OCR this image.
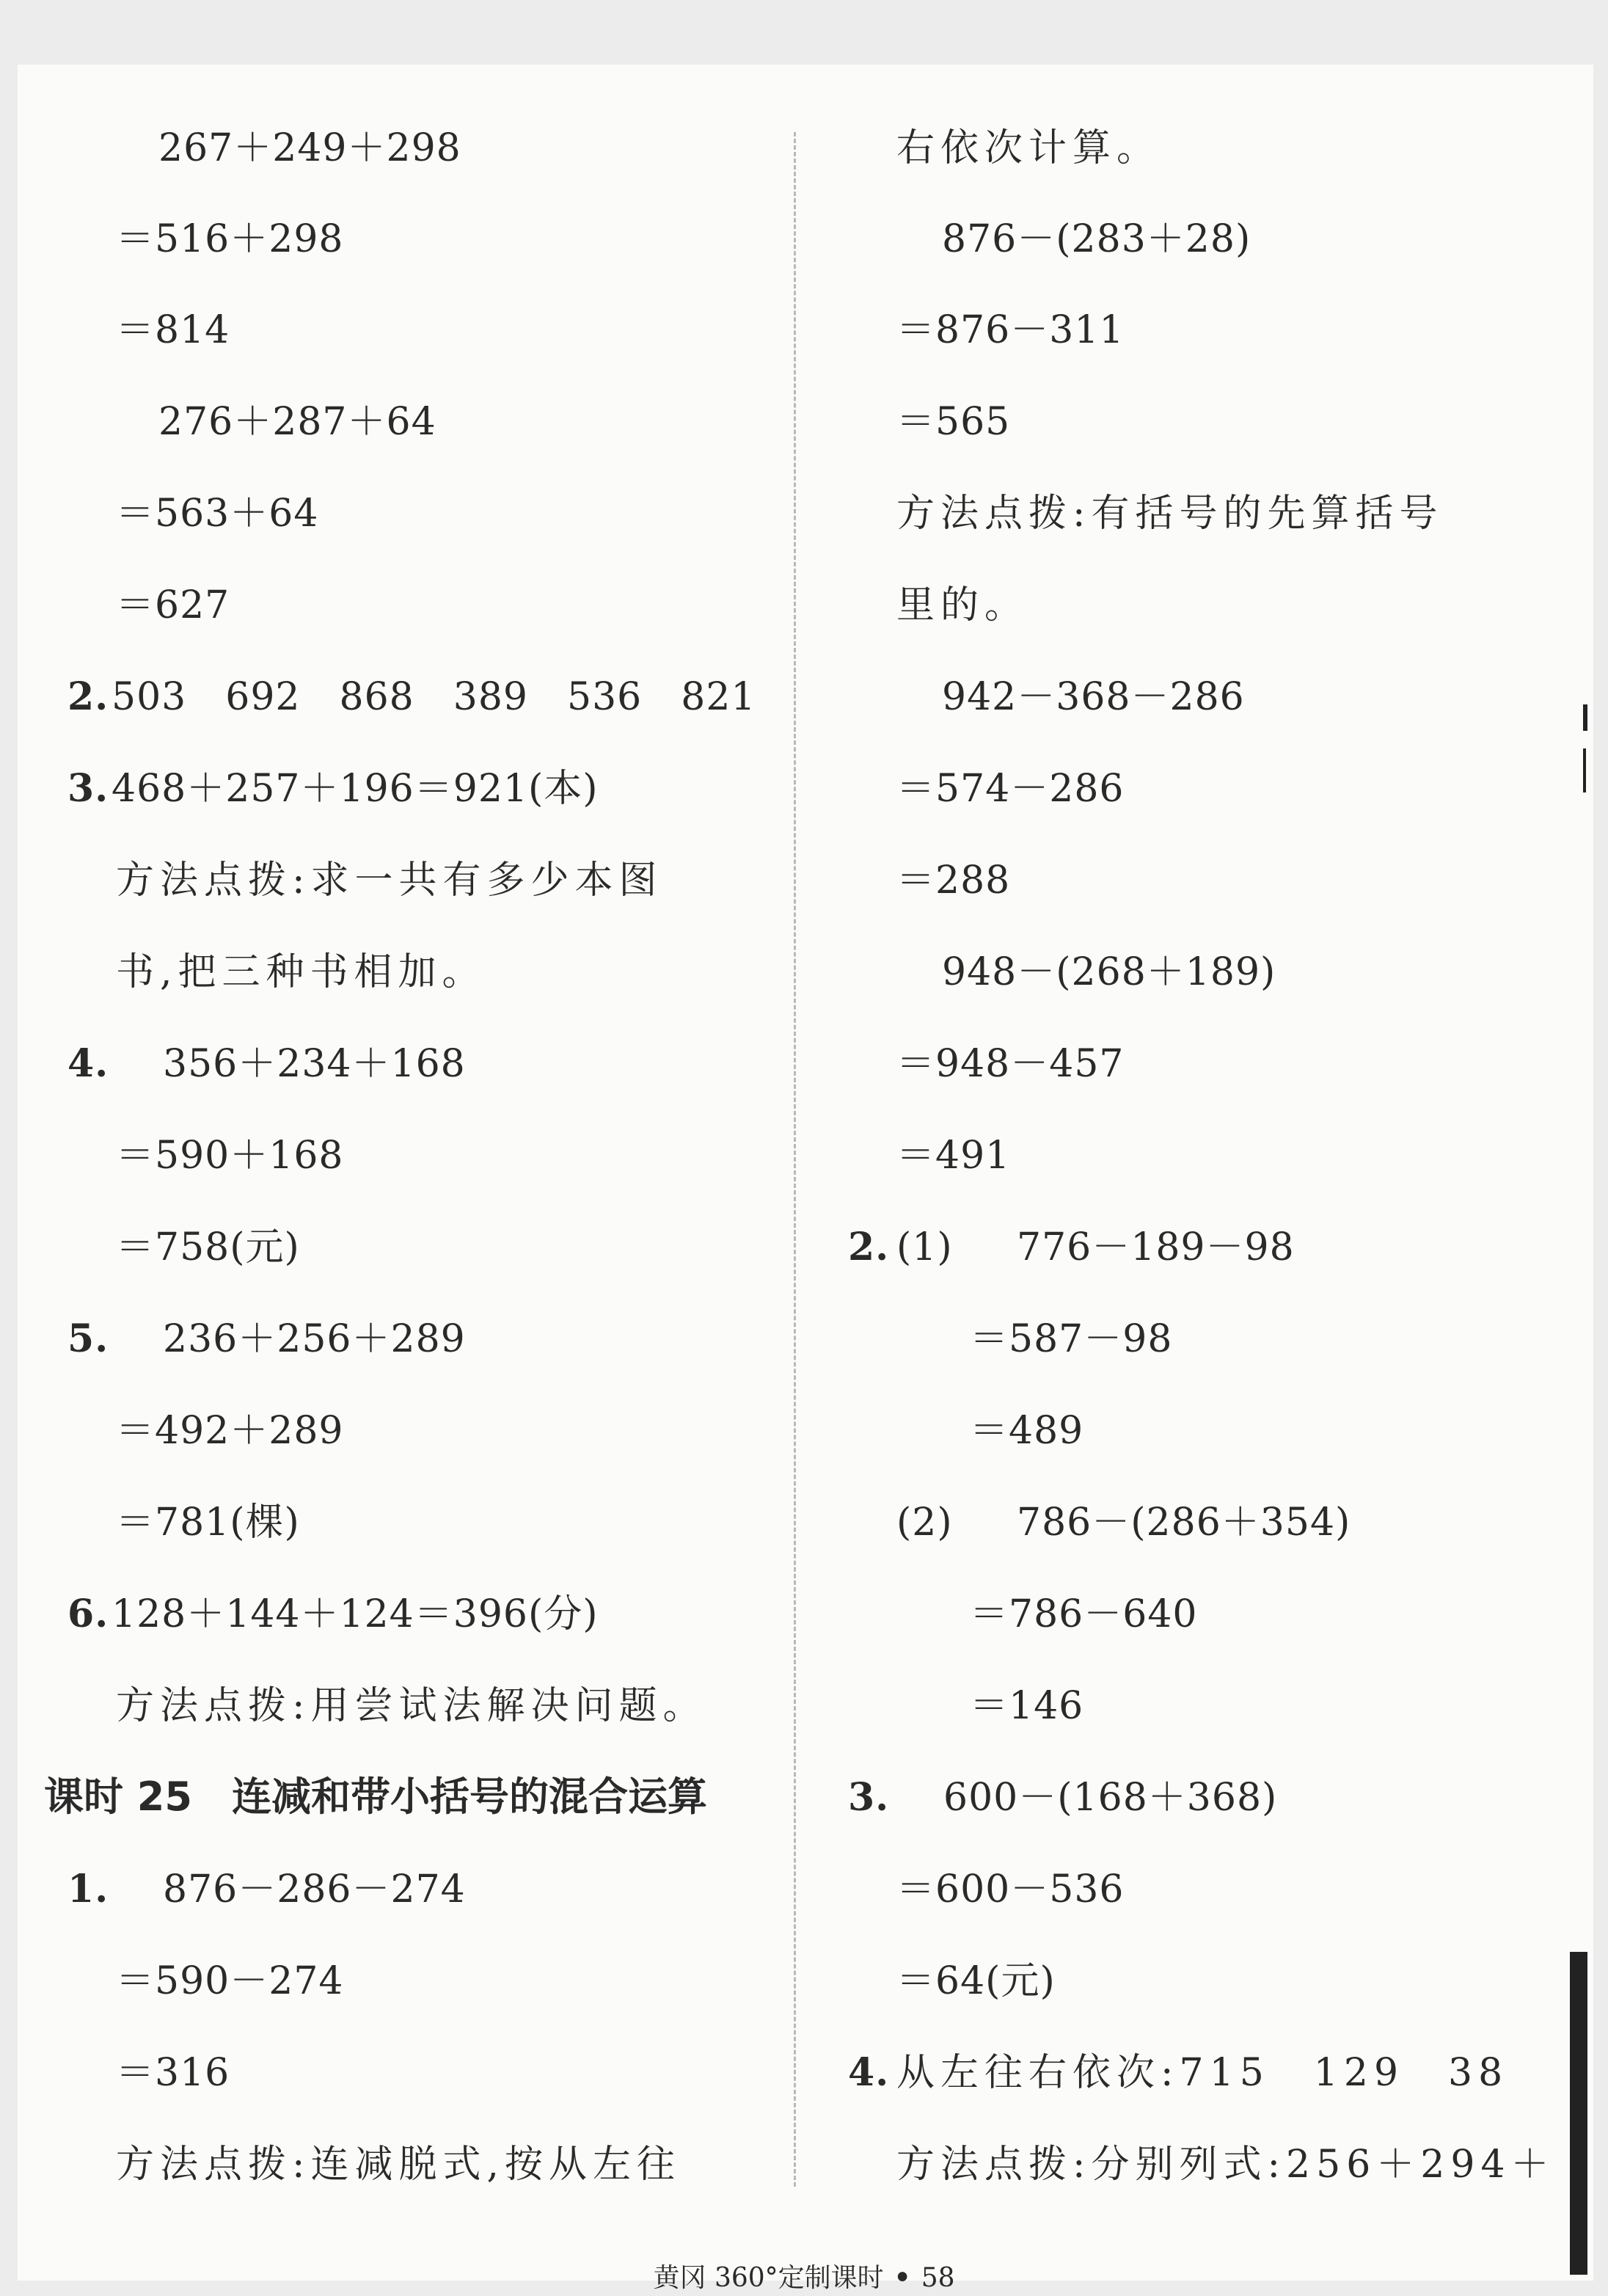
267＋249＋298
＝516＋298
＝814
276＋287＋64
＝563＋64
＝627
2. 503　692　868　389　536　821
3. 468＋257＋196＝921(本)
方法点拨:求一共有多少本图
书,把三种书相加。
4. 356＋234＋168
＝590＋168
＝758(元)
5. 236＋256＋289
＝492＋289
＝781(棵)
6. 128＋144＋124＝396(分)
方法点拨:用尝试法解决问题。
课时 25　连减和带小括号的混合运算
1. 876－286－274
＝590－274
＝316
方法点拨:连减脱式,按从左往
右依次计算。
876－(283＋28)
＝876－311
＝565
方法点拨:有括号的先算括号
里的。
942－368－286
＝574－286
＝288
948－(268＋189)
＝948－457
＝491
2. (1) 776－189－98
＝587－98
＝489
(2) 786－(286＋354)
＝786－640
＝146
3. 600－(168＋368)
＝600－536
＝64(元)
4. 从左往右依次:715　129　38
方法点拨:分别列式:256＋294＋
黄冈 360°定制课时 • 58
